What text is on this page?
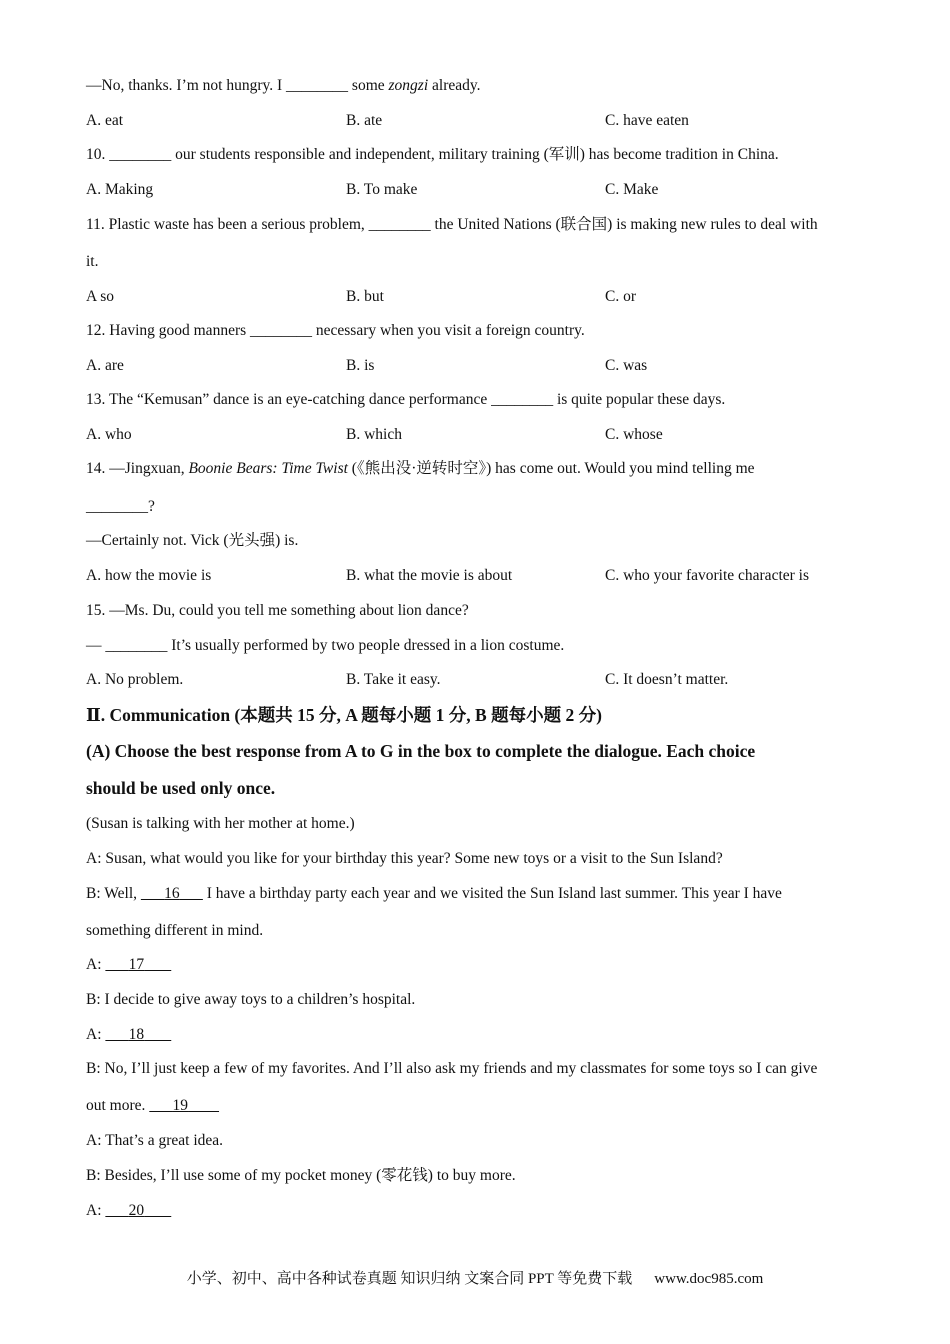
—No, thanks. I’m not hungry. I ________ some zongzi already.
A. eat	B. ate	C. have eaten
10. ________ our students responsible and independent, military training (军训) has become tradition in China.
A. Making	B. To make	C. Make
11. Plastic waste has been a serious problem, ________ the United Nations (联合国) is making new rules to deal with
it.
A so	B. but	C. or
12. Having good manners ________ necessary when you visit a foreign country.
A. are	B. is	C. was
13. The “Kemusan” dance is an eye-catching dance performance ________ is quite popular these days.
A. who	B. which	C. whose
14. —Jingxuan, Boonie Bears: Time Twist (《熊出没·逆转时空》) has come out. Would you mind telling me
________?
—Certainly not. Vick (光头强) is.
A. how the movie is	B. what the movie is about	C. who your favorite character is
15. —Ms. Du, could you tell me something about lion dance?
— ________ It’s usually performed by two people dressed in a lion costume.
A. No problem.	B. Take it easy.	C. It doesn’t matter.
Ⅱ. Communication (本题共 15 分, A 题每小题 1 分, B 题每小题 2 分)
(A) Choose the best response from A to G in the box to complete the dialogue. Each choice
should be used only once.
(Susan is talking with her mother at home.)
A: Susan, what would you like for your birthday this year? Some new toys or a visit to the Sun Island?
B: Well,       16       I have a birthday party each year and we visited the Sun Island last summer. This year I have
something different in mind.
A:       17
B: I decide to give away toys to a children’s hospital.
A:       18
B: No, I’ll just keep a few of my favorites. And I’ll also ask my friends and my classmates for some toys so I can give
out more.       19
A: That’s a great idea.
B: Besides, I’ll use some of my pocket money (零花钱) to buy more.
A:       20
小学、初中、高中各种试卷真题 知识归纳 文案合同 PPT 等免费下载 www.doc985.com
